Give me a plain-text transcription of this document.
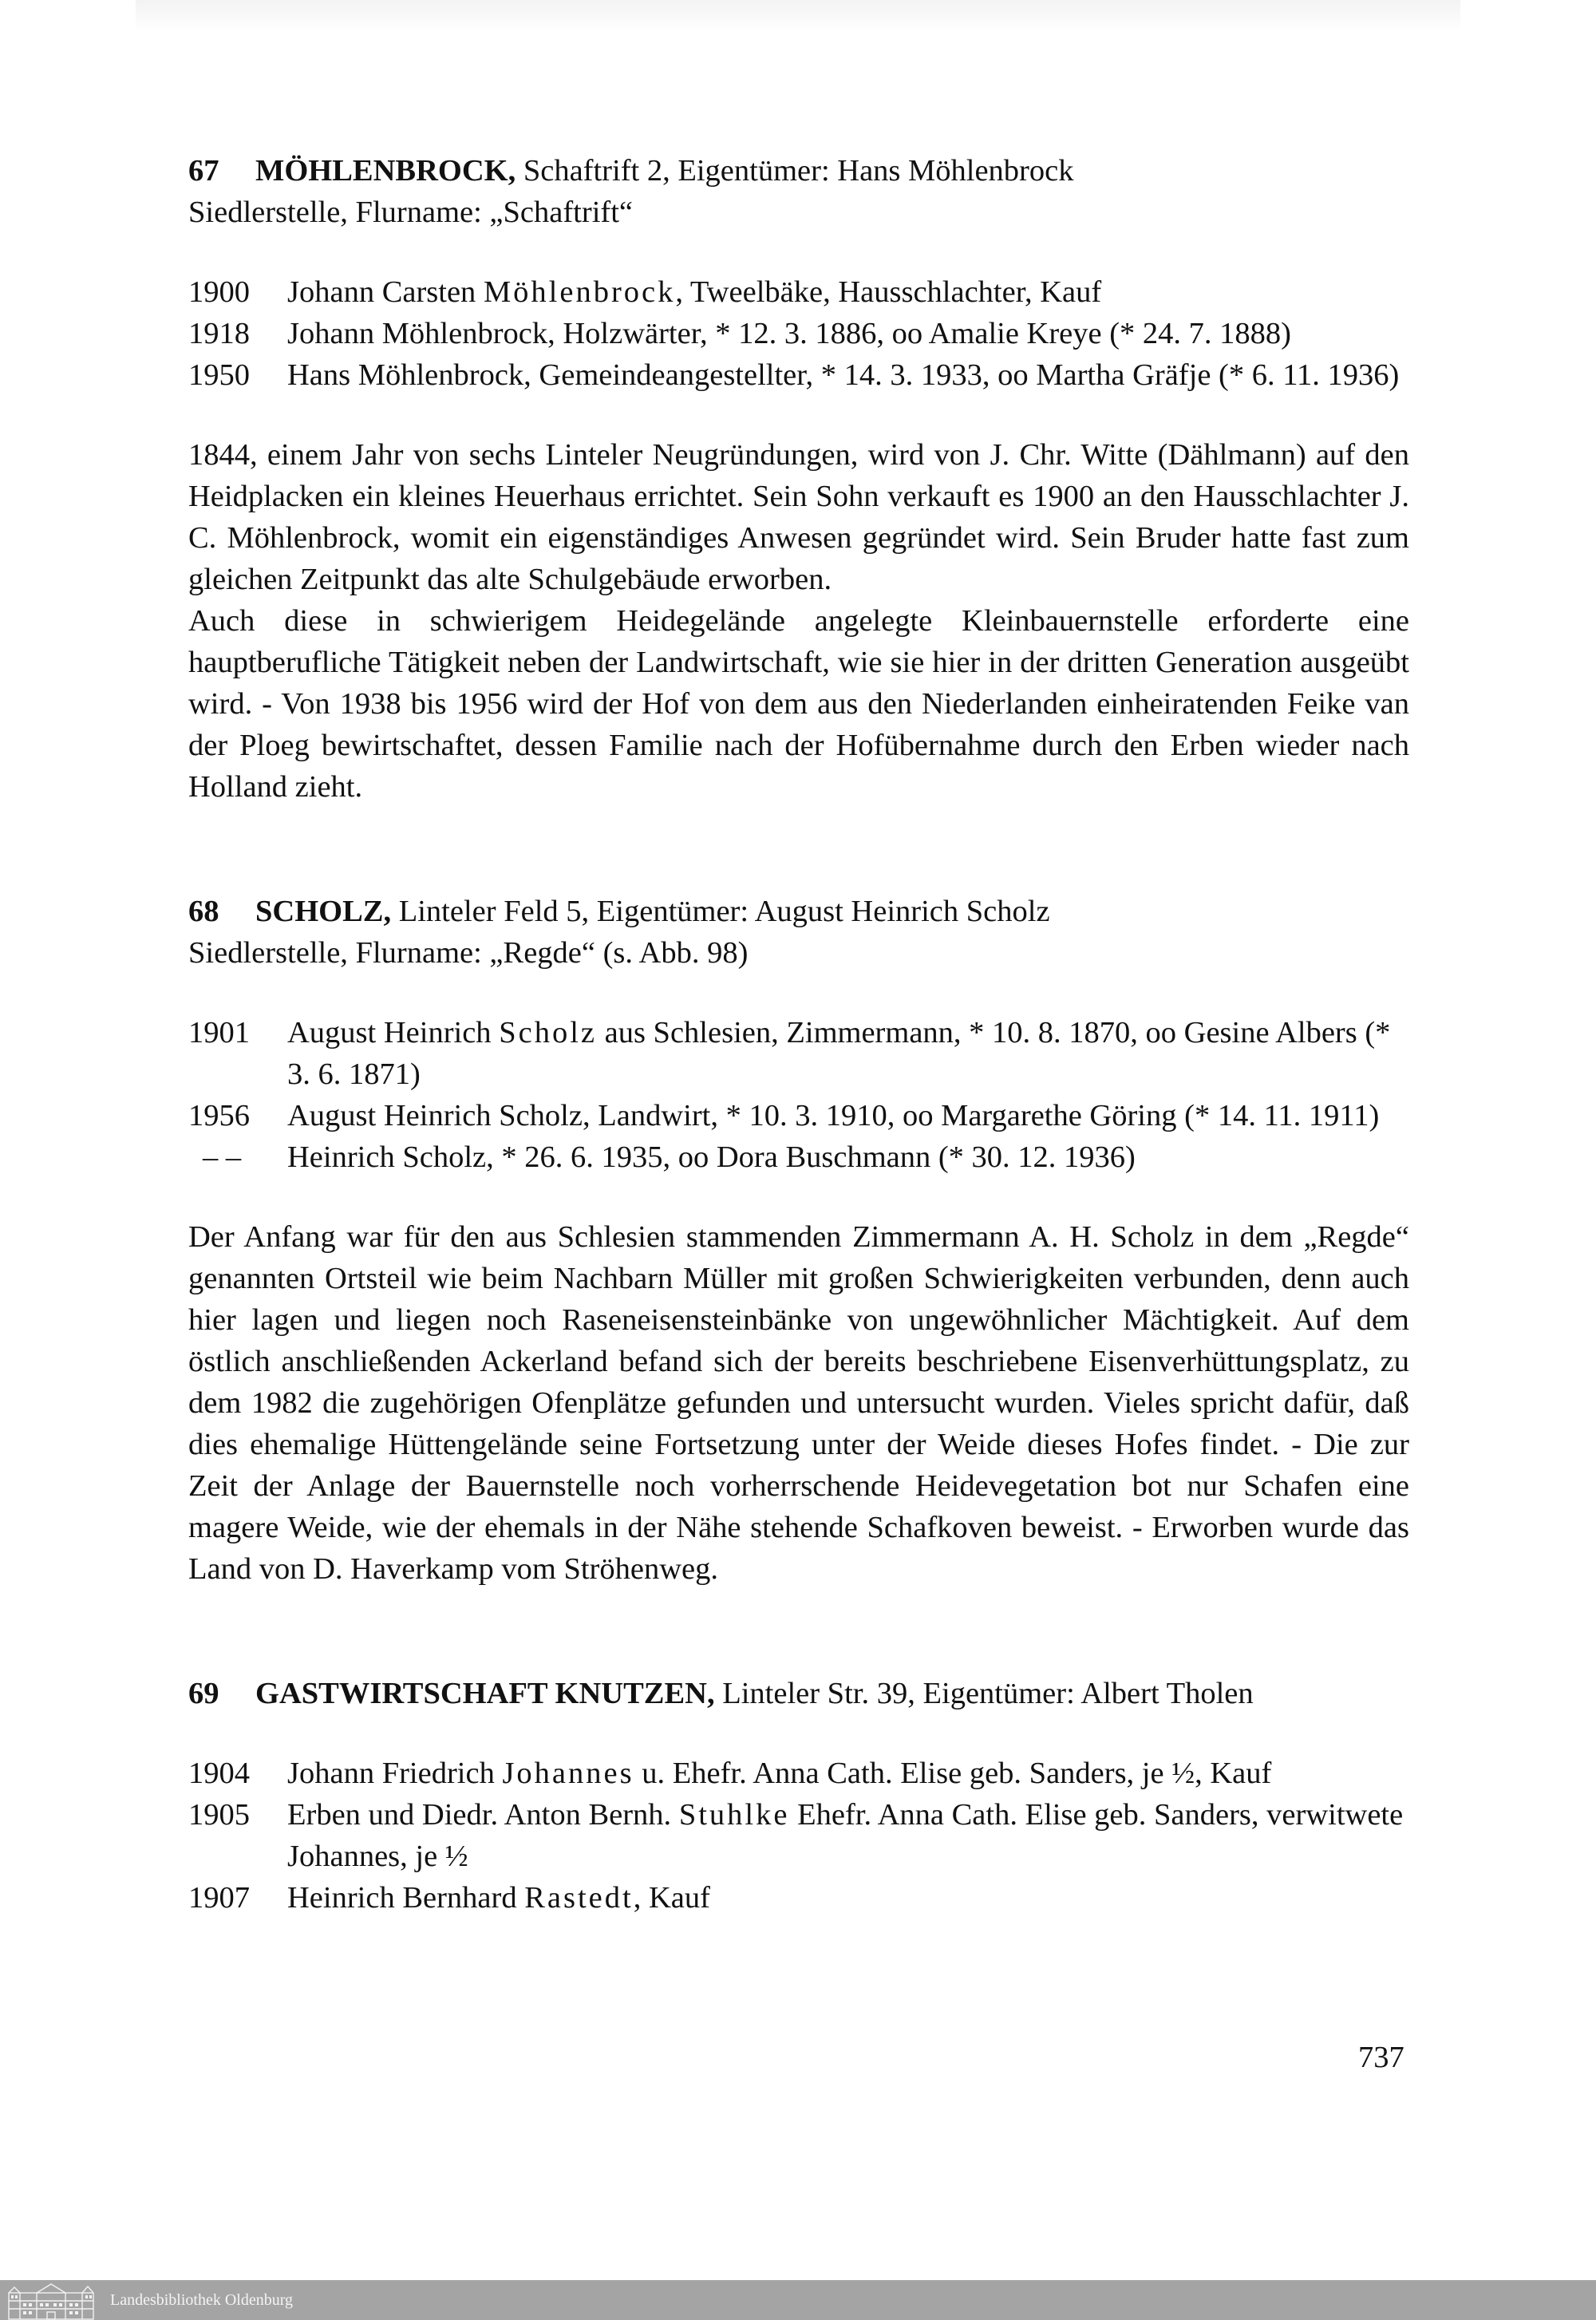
67 MÖHLENBROCK, Schaftrift 2, Eigentümer: Hans Möhlenbrock

Siedlerstelle, Flurname: „Schaftrift“

1900	Johann Carsten Möhlenbrock, Tweelbäke, Hausschlachter, Kauf
1918	Johann Möhlenbrock, Holzwärter, * 12. 3. 1886, oo Amalie Kreye (* 24. 7. 1888)
1950	Hans Möhlenbrock, Gemeindeangestellter, * 14. 3. 1933, oo Martha Gräfje (* 6. 11. 1936)

1844, einem Jahr von sechs Linteler Neugründungen, wird von J. Chr. Witte (Dählmann) auf den Heidplacken ein kleines Heuerhaus errichtet. Sein Sohn verkauft es 1900 an den Hausschlachter J. C. Möhlenbrock, womit ein eigenständiges Anwesen gegründet wird. Sein Bruder hatte fast zum gleichen Zeitpunkt das alte Schulgebäude erworben.

Auch diese in schwierigem Heidegelände angelegte Kleinbauernstelle erforderte eine hauptberufliche Tätigkeit neben der Landwirtschaft, wie sie hier in der dritten Generation ausgeübt wird. - Von 1938 bis 1956 wird der Hof von dem aus den Niederlanden einheiratenden Feike van der Ploeg bewirtschaftet, dessen Familie nach der Hofübernahme durch den Erben wieder nach Holland zieht.

68 SCHOLZ, Linteler Feld 5, Eigentümer: August Heinrich Scholz

Siedlerstelle, Flurname: „Regde“ (s. Abb. 98)

1901	August Heinrich Scholz aus Schlesien, Zimmermann, * 10. 8. 1870, oo Gesine Albers (* 3. 6. 1871)
1956	August Heinrich Scholz, Landwirt, * 10. 3. 1910, oo Margarethe Göring (* 14. 11. 1911)
– –	Heinrich Scholz, * 26. 6. 1935, oo Dora Buschmann (* 30. 12. 1936)

Der Anfang war für den aus Schlesien stammenden Zimmermann A. H. Scholz in dem „Regde“ genannten Ortsteil wie beim Nachbarn Müller mit großen Schwierigkeiten verbunden, denn auch hier lagen und liegen noch Raseneisensteinbänke von ungewöhnlicher Mächtigkeit. Auf dem östlich anschließenden Ackerland befand sich der bereits beschriebene Eisenverhüttungsplatz, zu dem 1982 die zugehörigen Ofenplätze gefunden und untersucht wurden. Vieles spricht dafür, daß dies ehemalige Hüttengelände seine Fortsetzung unter der Weide dieses Hofes findet. - Die zur Zeit der Anlage der Bauernstelle noch vorherrschende Heidevegetation bot nur Schafen eine magere Weide, wie der ehemals in der Nähe stehende Schafkoven beweist. - Erworben wurde das Land von D. Haverkamp vom Ströhenweg.

69 GASTWIRTSCHAFT KNUTZEN, Linteler Str. 39, Eigentümer: Albert Tholen

1904	Johann Friedrich Johannes u. Ehefr. Anna Cath. Elise geb. Sanders, je ½, Kauf
1905	Erben und Diedr. Anton Bernh. Stuhlke Ehefr. Anna Cath. Elise geb. Sanders, verwitwete Johannes, je ½
1907	Heinrich Bernhard Rastedt, Kauf
737
Landesbibliothek Oldenburg
